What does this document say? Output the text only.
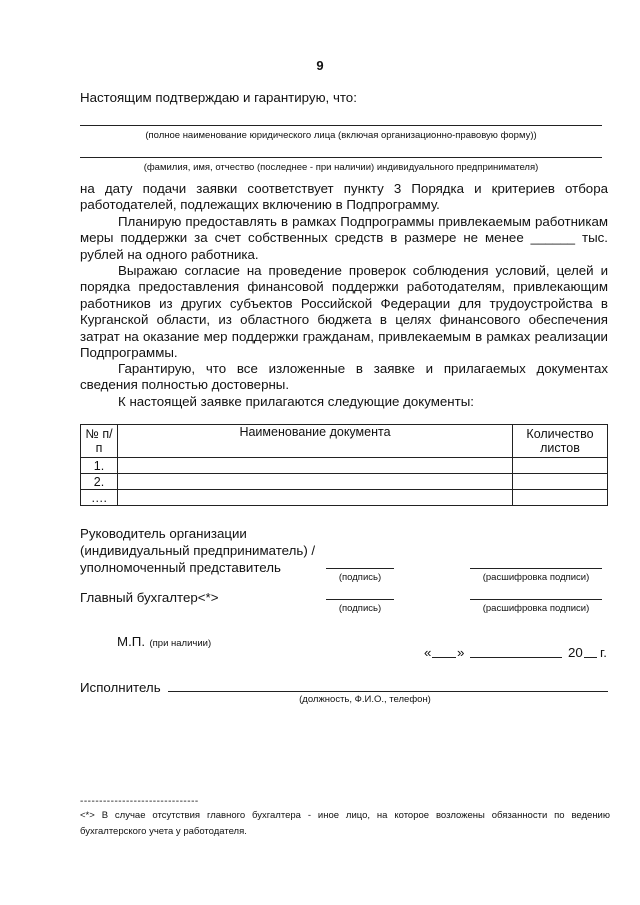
9
Настоящим подтверждаю и гарантирую, что:
(полное наименование юридического лица (включая организационно-правовую форму))
(фамилия, имя, отчество (последнее - при наличии) индивидуального предпринимателя)
на дату подачи заявки соответствует пункту 3 Порядка и критериев отбора работодателей, подлежащих включению в Подпрограмму.
Планирую предоставлять в рамках Подпрограммы привлекаемым работникам меры поддержки за счет собственных средств в размере не менее ______ тыс. рублей на одного работника.
Выражаю согласие на проведение проверок соблюдения условий, целей и порядка предоставления финансовой поддержки работодателям, привлекающим работников из других субъектов Российской Федерации для трудоустройства в Курганской области, из областного бюджета в целях финансового обеспечения затрат на оказание мер поддержки гражданам, привлекаемым в рамках реализации Подпрограммы.
Гарантирую, что все изложенные в заявке и прилагаемых документах сведения полностью достоверны.
К настоящей заявке прилагаются следующие документы:
№ п/п	Наименование документа	Количество листов
1.		
2.		
….		
Руководитель организации
(индивидуальный предприниматель) /
уполномоченный представитель
(подпись)	(расшифровка подписи)
Главный бухгалтер<*>
(подпись)	(расшифровка подписи)
М.П. (при наличии)
« »	20 г.
Исполнитель
(должность, Ф.И.О., телефон)
-------------------------------
<*> В случае отсутствия главного бухгалтера - иное лицо, на которое возложены обязанности по ведению бухгалтерского учета у работодателя.
